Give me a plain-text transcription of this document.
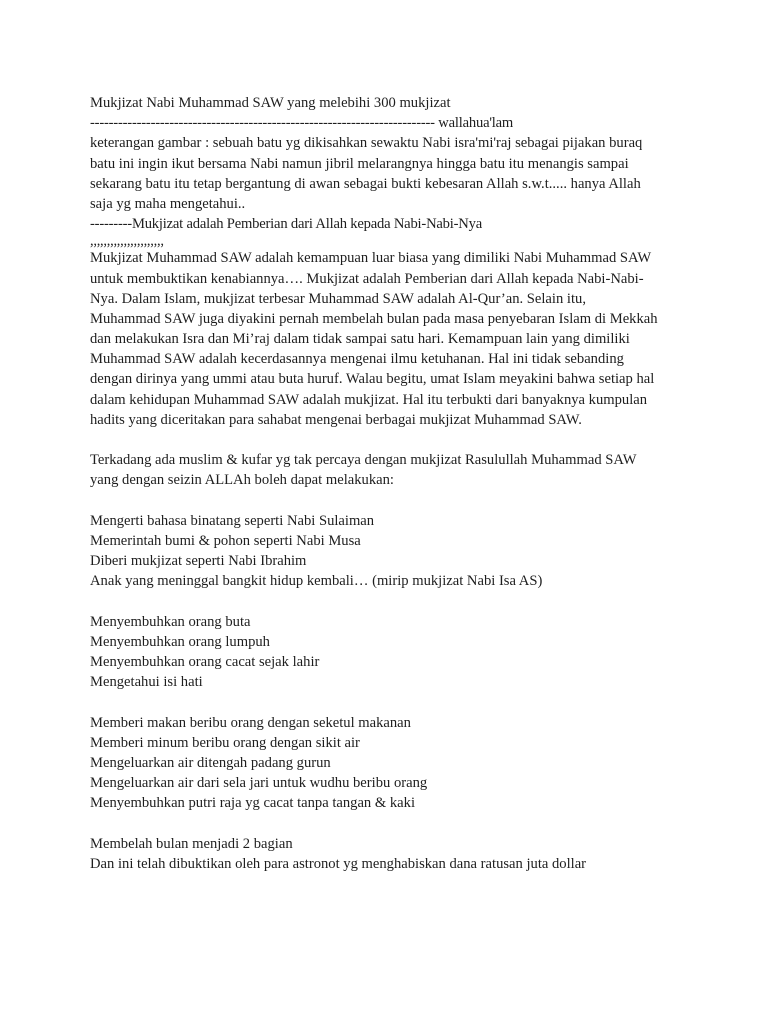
Mukjizat Nabi Muhammad SAW yang melebihi 300 mukjizat
-------------------------------------------------------------------------- wallahua'lam
keterangan gambar : sebuah batu yg dikisahkan sewaktu Nabi isra'mi'raj sebagai pijakan buraq
batu ini ingin ikut bersama Nabi namun jibril melarangnya hingga batu itu menangis sampai
sekarang batu itu tetap bergantung di awan sebagai bukti kebesaran Allah s.w.t..... hanya Allah
saja yg maha mengetahui..
---------Mukjizat adalah Pemberian dari Allah kepada Nabi-Nabi-Nya
,,,,,,,,,,,,,,,,,,,,,,
Mukjizat Muhammad SAW adalah kemampuan luar biasa yang dimiliki Nabi Muhammad SAW
untuk membuktikan kenabiannya…. Mukjizat adalah Pemberian dari Allah kepada Nabi-Nabi-
Nya. Dalam Islam, mukjizat terbesar Muhammad SAW adalah Al-Qur’an. Selain itu,
Muhammad SAW juga diyakini pernah membelah bulan pada masa penyebaran Islam di Mekkah
dan melakukan Isra dan Mi’raj dalam tidak sampai satu hari. Kemampuan lain yang dimiliki
Muhammad SAW adalah kecerdasannya mengenai ilmu ketuhanan. Hal ini tidak sebanding
dengan dirinya yang ummi atau buta huruf. Walau begitu, umat Islam meyakini bahwa setiap hal
dalam kehidupan Muhammad SAW adalah mukjizat. Hal itu terbukti dari banyaknya kumpulan
hadits yang diceritakan para sahabat mengenai berbagai mukjizat Muhammad SAW.
Terkadang ada muslim & kufar yg tak percaya dengan mukjizat Rasulullah Muhammad SAW
yang dengan seizin ALLAh boleh dapat melakukan:
Mengerti bahasa binatang seperti Nabi Sulaiman
Memerintah bumi & pohon seperti Nabi Musa
Diberi mukjizat seperti Nabi Ibrahim
Anak yang meninggal bangkit hidup kembali… (mirip mukjizat Nabi Isa AS)
Menyembuhkan orang buta
Menyembuhkan orang lumpuh
Menyembuhkan orang cacat sejak lahir
Mengetahui isi hati
Memberi makan beribu orang dengan seketul makanan
Memberi minum beribu orang dengan sikit air
Mengeluarkan air ditengah padang gurun
Mengeluarkan air dari sela jari untuk wudhu beribu orang
Menyembuhkan putri raja yg cacat tanpa tangan & kaki
Membelah bulan menjadi 2 bagian
Dan ini telah dibuktikan oleh para astronot yg menghabiskan dana ratusan juta dollar
